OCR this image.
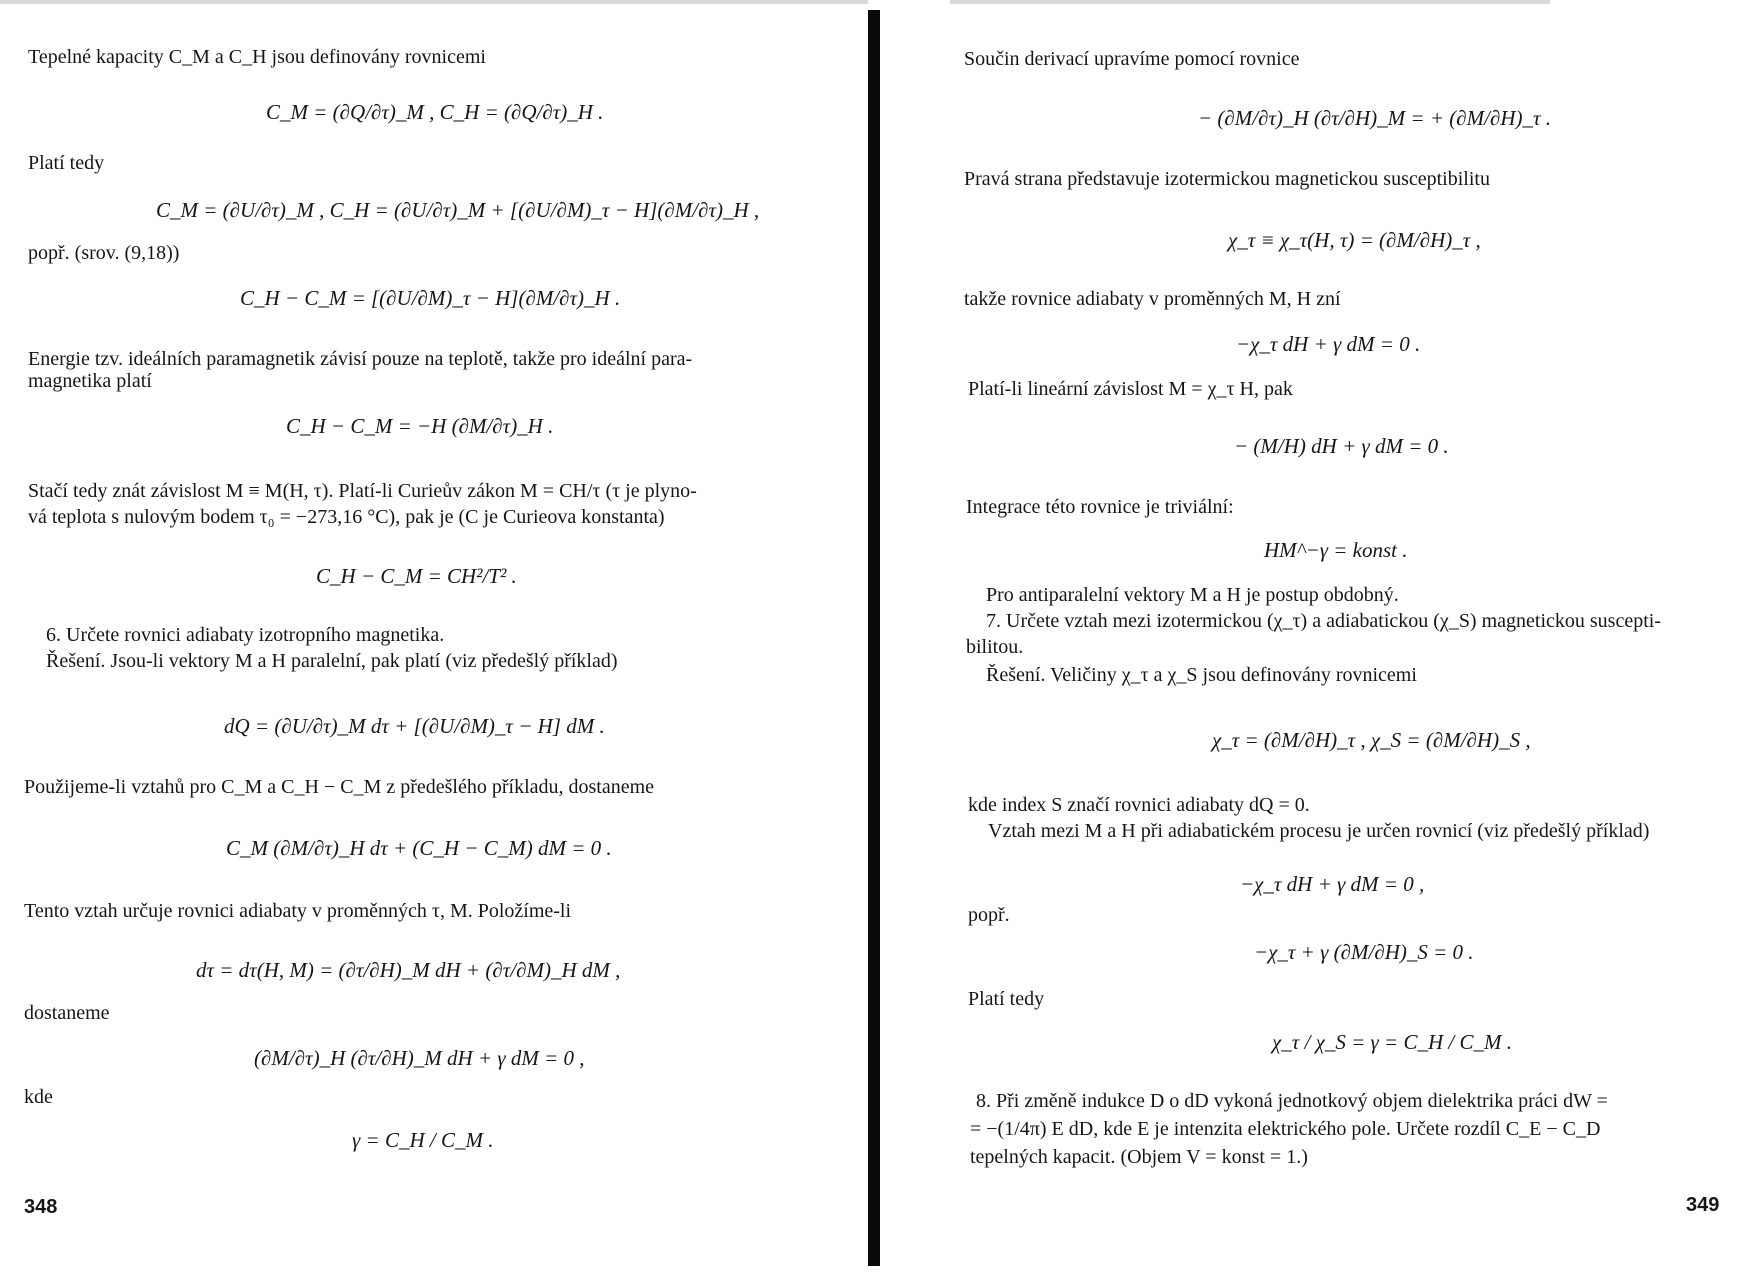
Tepelné kapacity C_M a C_H jsou definovány rovnicemi
C_M = (∂Q/∂τ)_M , C_H = (∂Q/∂τ)_H .
Platí tedy
C_M = (∂U/∂τ)_M , C_H = (∂U/∂τ)_M + [(∂U/∂M)_τ − H](∂M/∂τ)_H ,
popř. (srov. (9,18))
C_H − C_M = [(∂U/∂M)_τ − H](∂M/∂τ)_H .
Energie tzv. ideálních paramagnetik závisí pouze na teplotě, takže pro ideální para-
magnetika platí
C_H − C_M = −H (∂M/∂τ)_H .
Stačí tedy znát závislost M ≡ M(H, τ). Platí-li Curieův zákon M = CH/τ (τ je plyno-
vá teplota s nulovým bodem τ₀ = −273,16 °C), pak je (C je Curieova konstanta)
C_H − C_M = CH²/T² .
6. Určete rovnici adiabaty izotropního magnetika.
Řešení. Jsou-li vektory M a H paralelní, pak platí (viz předešlý příklad)
dQ = (∂U/∂τ)_M dτ + [(∂U/∂M)_τ − H] dM .
Použijeme-li vztahů pro C_M a C_H − C_M z předešlého příkladu, dostaneme
C_M (∂M/∂τ)_H dτ + (C_H − C_M) dM = 0 .
Tento vztah určuje rovnici adiabaty v proměnných τ, M. Položíme-li
dτ = dτ(H, M) = (∂τ/∂H)_M dH + (∂τ/∂M)_H dM ,
dostaneme
(∂M/∂τ)_H (∂τ/∂H)_M dH + γ dM = 0 ,
kde
γ = C_H / C_M .
348
Součin derivací upravíme pomocí rovnice
− (∂M/∂τ)_H (∂τ/∂H)_M = + (∂M/∂H)_τ .
Pravá strana představuje izotermickou magnetickou susceptibilitu
χ_τ ≡ χ_τ(H, τ) = (∂M/∂H)_τ ,
takže rovnice adiabaty v proměnných M, H zní
−χ_τ dH + γ dM = 0 .
Platí-li lineární závislost M = χ_τ H, pak
− (M/H) dH + γ dM = 0 .
Integrace této rovnice je triviální:
HM^−γ = konst .
Pro antiparalelní vektory M a H je postup obdobný.
7. Určete vztah mezi izotermickou (χ_τ) a adiabatickou (χ_S) magnetickou suscepti-
bilitou.
Řešení. Veličiny χ_τ a χ_S jsou definovány rovnicemi
χ_τ = (∂M/∂H)_τ , χ_S = (∂M/∂H)_S ,
kde index S značí rovnici adiabaty dQ = 0.
Vztah mezi M a H při adiabatickém procesu je určen rovnicí (viz předešlý příklad)
−χ_τ dH + γ dM = 0 ,
popř.
−χ_τ + γ (∂M/∂H)_S = 0 .
Platí tedy
χ_τ / χ_S = γ = C_H / C_M .
8. Při změně indukce D o dD vykoná jednotkový objem dielektrika práci dW =
= −(1/4π) E dD, kde E je intenzita elektrického pole. Určete rozdíl C_E − C_D
tepelných kapacit. (Objem V = konst = 1.)
349
